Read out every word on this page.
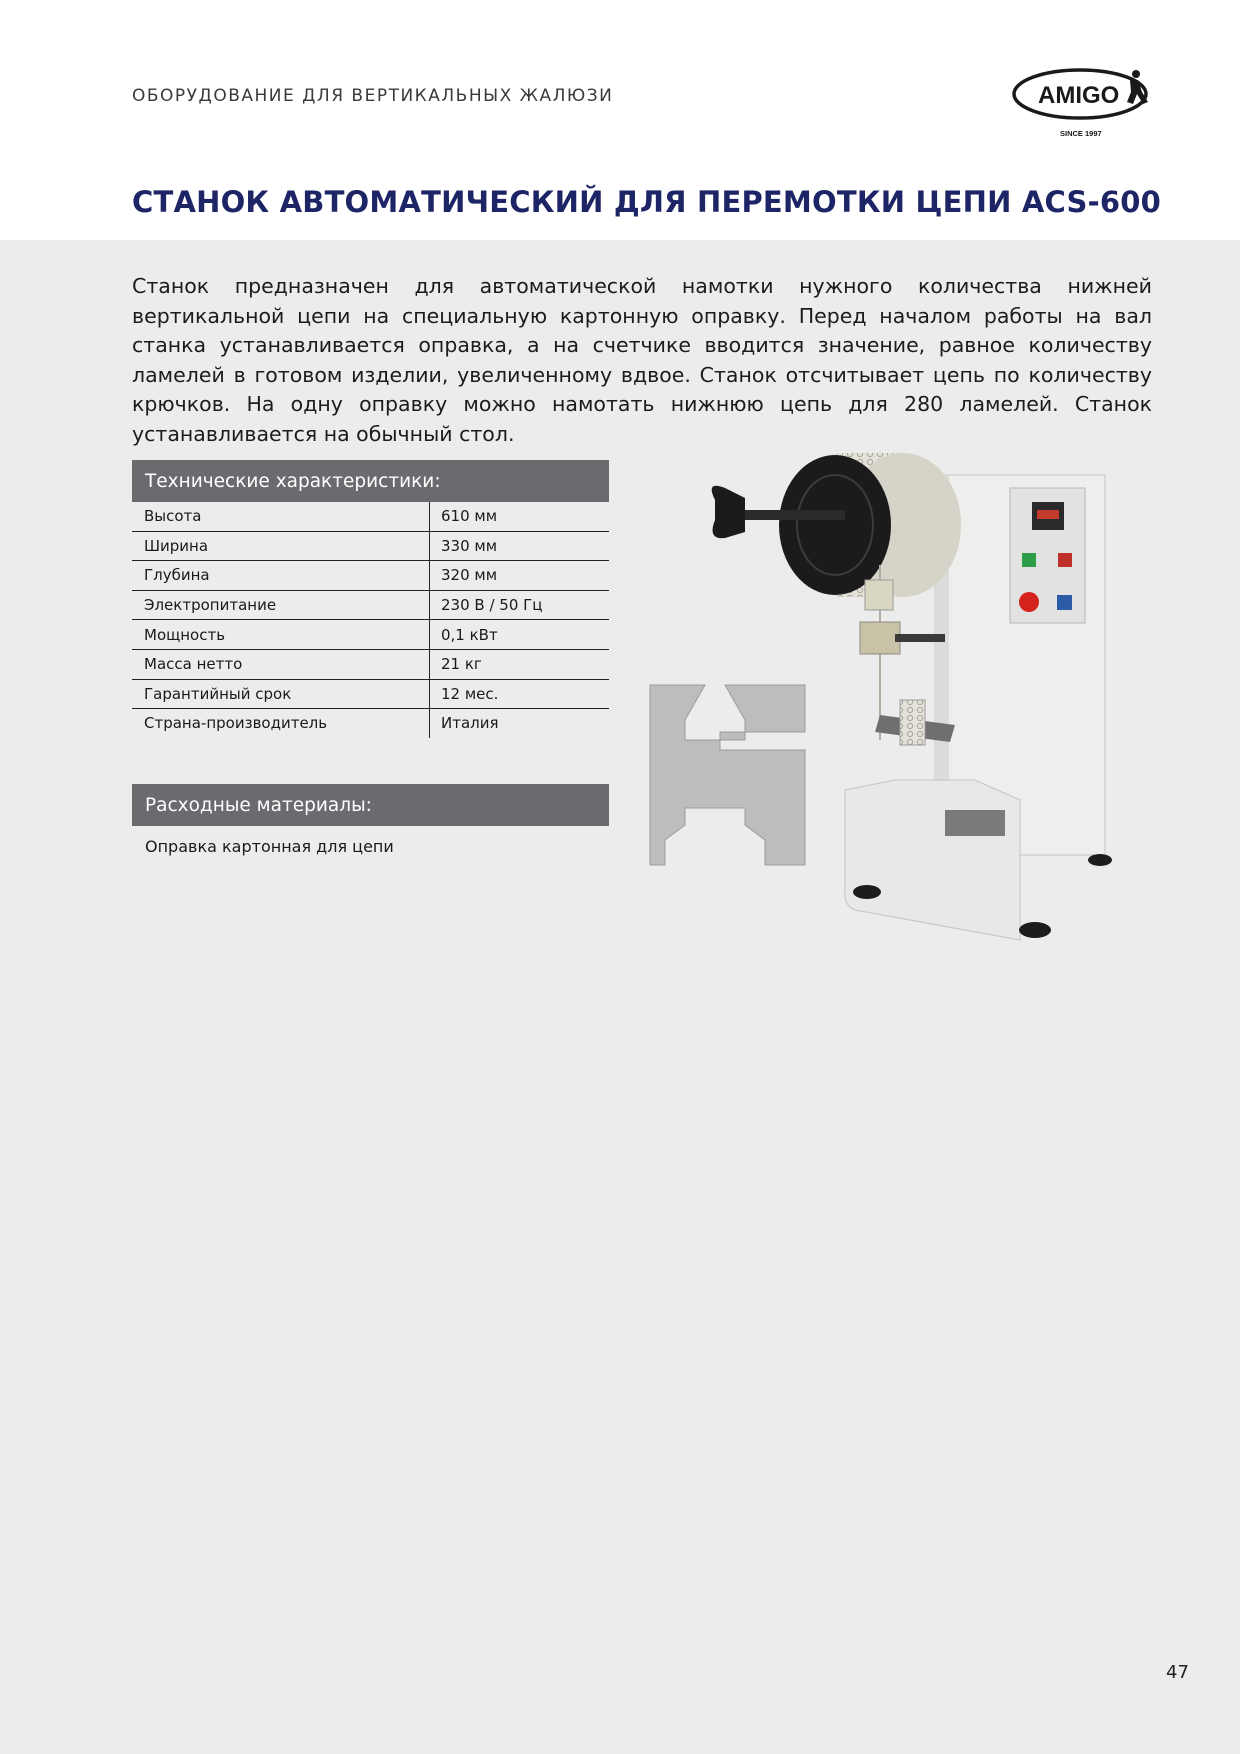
ОБОРУДОВАНИЕ ДЛЯ ВЕРТИКАЛЬНЫХ ЖАЛЮЗИ	AMIGO
SINCE 1997
СТАНОК АВТОМАТИЧЕСКИЙ ДЛЯ ПЕРЕМОТКИ ЦЕПИ ACS-600
Станок предназначен для автоматической намотки нужного количества нижней вертикальной цепи на специальную картонную оправку. Перед началом работы на вал станка устанавливается оправка, а на счетчике вводится значение, равное количеству ламелей в готовом изделии, увеличенному вдвое. Станок отсчитывает цепь по количеству крючков. На одну оправку можно намотать нижнюю цепь для 280 ламелей. Станок устанавливается на обычный стол.
Технические характеристики:
Высота	610 мм
Ширина	330 мм
Глубина	320 мм
Электропитание	230 В / 50 Гц
Мощность	0,1 кВт
Масса нетто	21 кг
Гарантийный срок	12 мес.
Страна-производитель	Италия
Расходные материалы:
Оправка картонная для цепи
47
